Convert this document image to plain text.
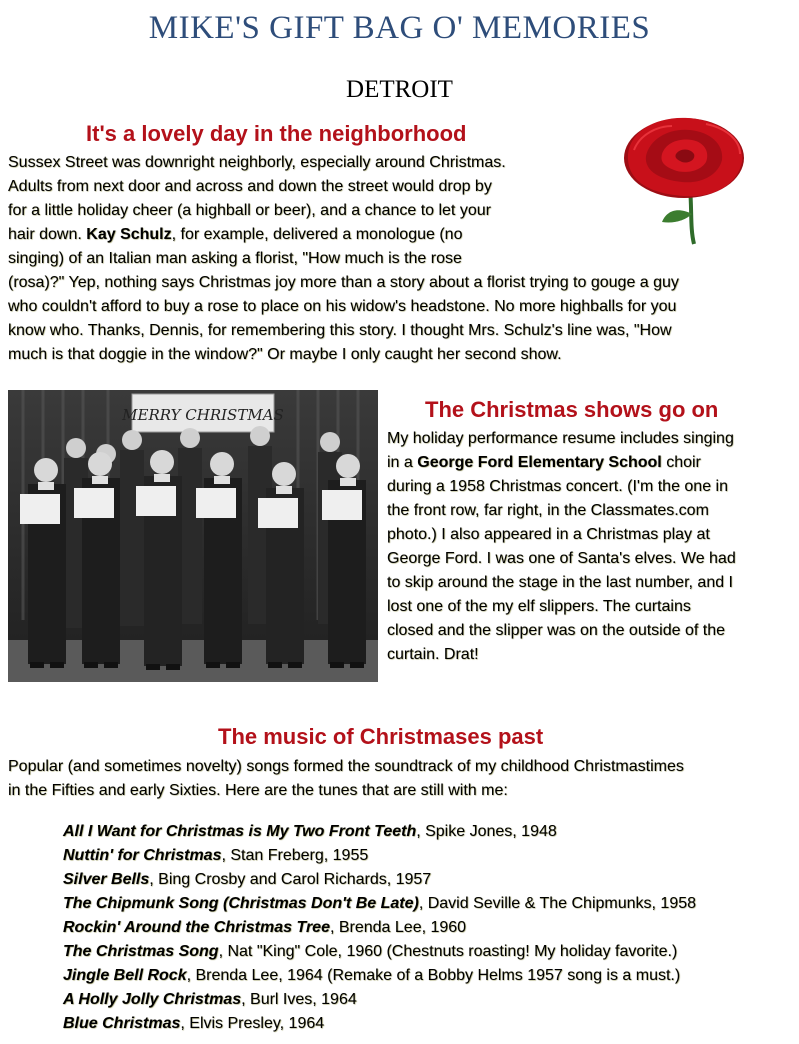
MIKE'S GIFT BAG O' MEMORIES
DETROIT
It's a lovely day in the neighborhood
Sussex Street was downright neighborly, especially around Christmas.
Adults from next door and across and down the street would drop by
for a little holiday cheer (a highball or beer), and a chance to let your
hair down. Kay Schulz, for example, delivered a monologue (no
singing) of an Italian man asking a florist, "How much is the rose
(rosa)?" Yep, nothing says Christmas joy more than a story about a florist trying to gouge a guy
who couldn't afford to buy a rose to place on his widow's headstone. No more highballs for you
know who. Thanks, Dennis, for remembering this story. I thought Mrs. Schulz's line was, "How
much is that doggie in the window?" Or maybe I only caught her second show.
MERRY CHRISTMAS	The Christmas shows go on
My holiday performance resume includes singing
in a George Ford Elementary School choir
during a 1958 Christmas concert. (I'm the one in
the front row, far right, in the Classmates.com
photo.) I also appeared in a Christmas play at
George Ford. I was one of Santa's elves. We had
to skip around the stage in the last number, and I
lost one of the my elf slippers. The curtains
closed and the slipper was on the outside of the
curtain. Drat!
The music of Christmases past
Popular (and sometimes novelty) songs formed the soundtrack of my childhood Christmastimes
in the Fifties and early Sixties. Here are the tunes that are still with me:
All I Want for Christmas is My Two Front Teeth, Spike Jones, 1948
Nuttin' for Christmas, Stan Freberg, 1955
Silver Bells, Bing Crosby and Carol Richards, 1957
The Chipmunk Song (Christmas Don't Be Late), David Seville & The Chipmunks, 1958
Rockin' Around the Christmas Tree, Brenda Lee, 1960
The Christmas Song, Nat "King" Cole, 1960 (Chestnuts roasting! My holiday favorite.)
Jingle Bell Rock, Brenda Lee, 1964 (Remake of a Bobby Helms 1957 song is a must.)
A Holly Jolly Christmas, Burl Ives, 1964
Blue Christmas, Elvis Presley, 1964
